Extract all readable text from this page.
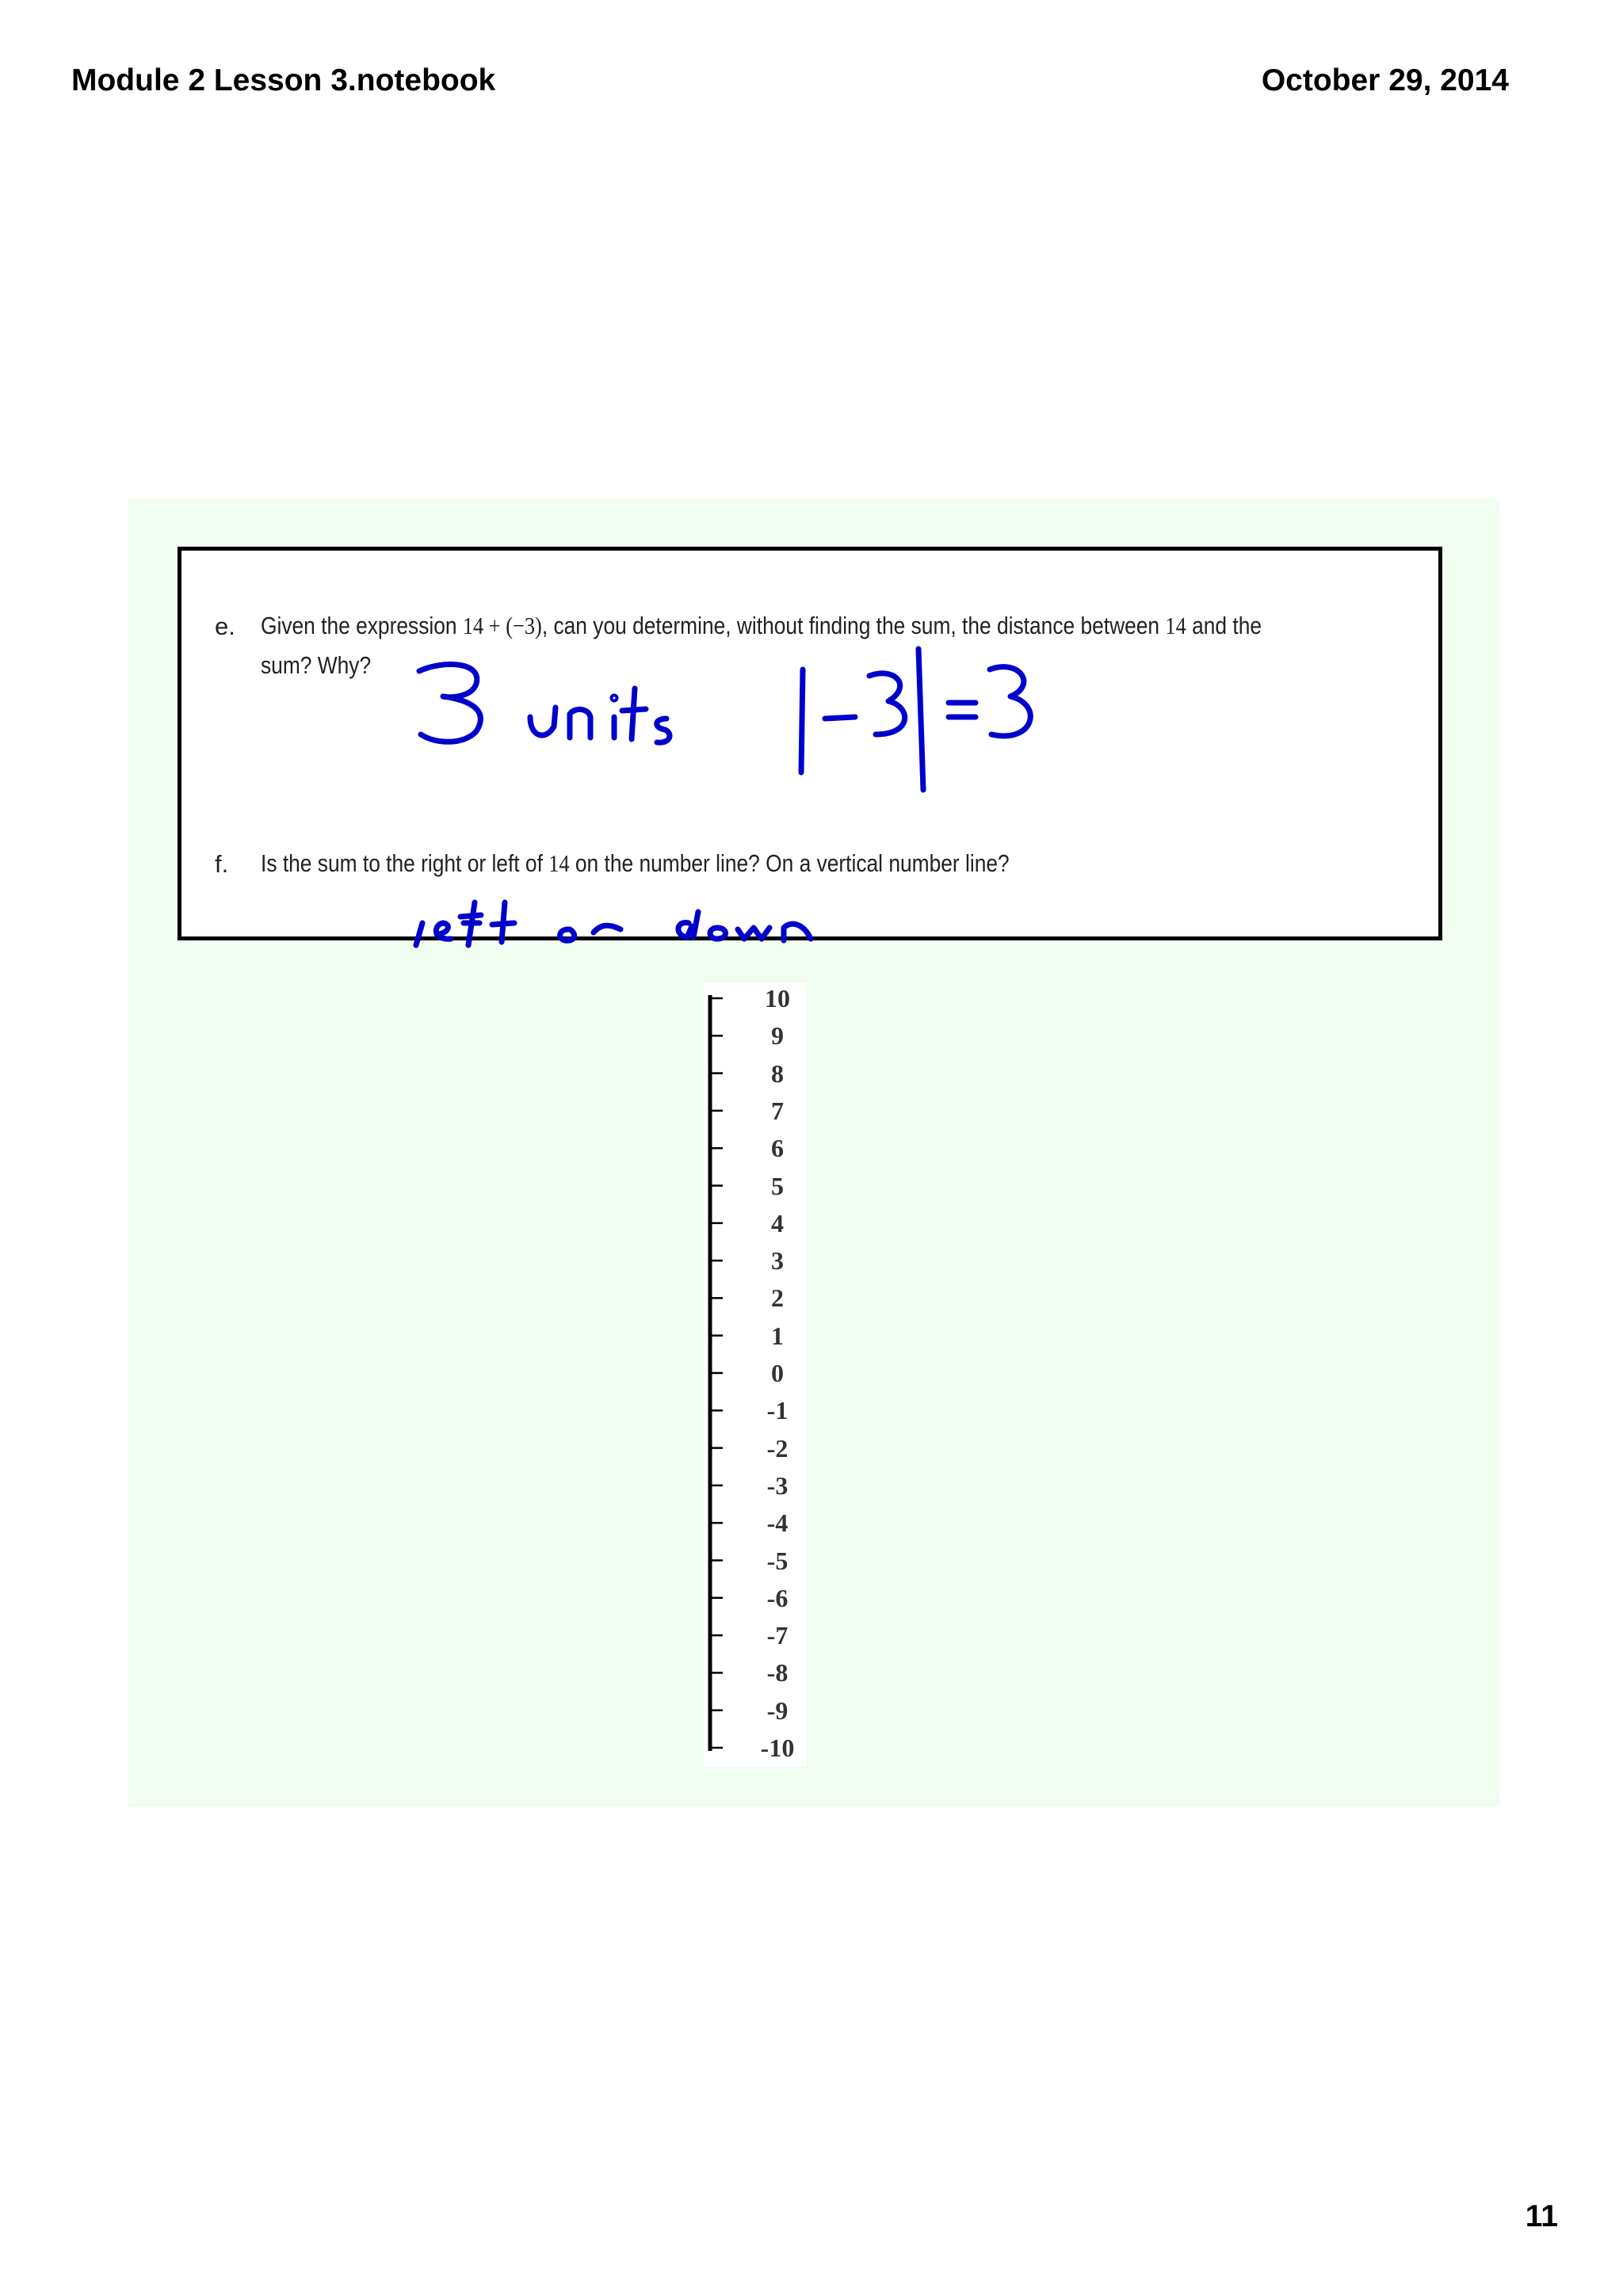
Module 2 Lesson 3.notebook	October 29, 2014
e. Given the expression 14 + (−3), can you determine, without finding the sum, the distance between 14 and the
sum? Why?
f. Is the sum to the right or left of 14 on the number line? On a vertical number line?
10
9
8
7
6
5
4
3
2
1
0
-1
-2
-3
-4
-5
-6
-7
-8
-9
-10
11
